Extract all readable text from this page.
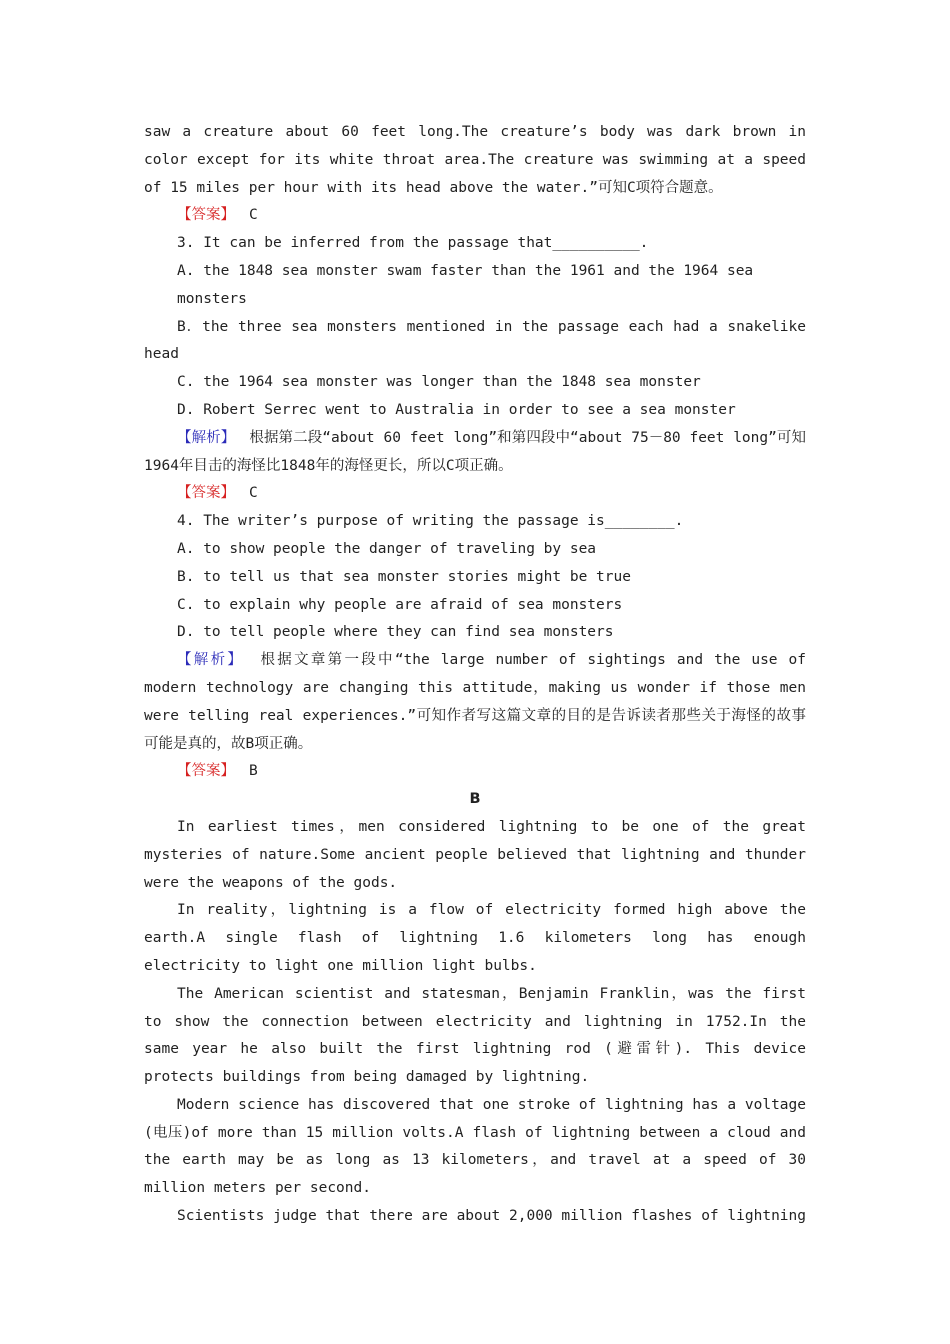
saw a creature about 60 feet long.The creature’s body was dark brown in color except for its white throat area.The creature was swimming at a speed of 15 miles per hour with its head above the water.”可知C项符合题意。

【答案】 C

3. It can be inferred from the passage that__________.

A. the 1848 sea monster swam faster than the 1961 and the 1964 sea monsters

B．the three sea monsters mentioned in the passage each had a snakelike head

C. the 1964 sea monster was longer than the 1848 sea monster

D. Robert Serrec went to Australia in order to see a sea monster

【解析】 根据第二段“about 60 feet long”和第四段中“about 75－80 feet long”可知1964年目击的海怪比1848年的海怪更长，所以C项正确。

【答案】 C

4. The writer’s purpose of writing the passage is________.

A. to show people the danger of traveling by sea

B. to tell us that sea monster stories might be true

C. to explain why people are afraid of sea monsters

D. to tell people where they can find sea monsters

【解析】 根据文章第一段中“the large number of sightings and the use of modern technology are changing this attitude，making us wonder if those men were telling real experiences.”可知作者写这篇文章的目的是告诉读者那些关于海怪的故事可能是真的，故B项正确。

【答案】 B
B

In earliest times，men considered lightning to be one of the great mysteries of nature.Some ancient people believed that lightning and thunder were the weapons of the gods.

In reality，lightning is a flow of electricity formed high above the earth.A single flash of lightning 1.6 kilometers long has enough electricity to light one million light bulbs.

The American scientist and statesman，Benjamin Franklin，was the first to show the connection between electricity and lightning in 1752.In the same year he also built the first lightning rod (避雷针). This device protects buildings from being damaged by lightning.

Modern science has discovered that one stroke of lightning has a voltage (电压)of more than 15 million volts.A flash of lightning between a cloud and the earth may be as long as 13 kilometers，and travel at a speed of 30 million meters per second.

Scientists judge that there are about 2,000 million flashes of lightning
